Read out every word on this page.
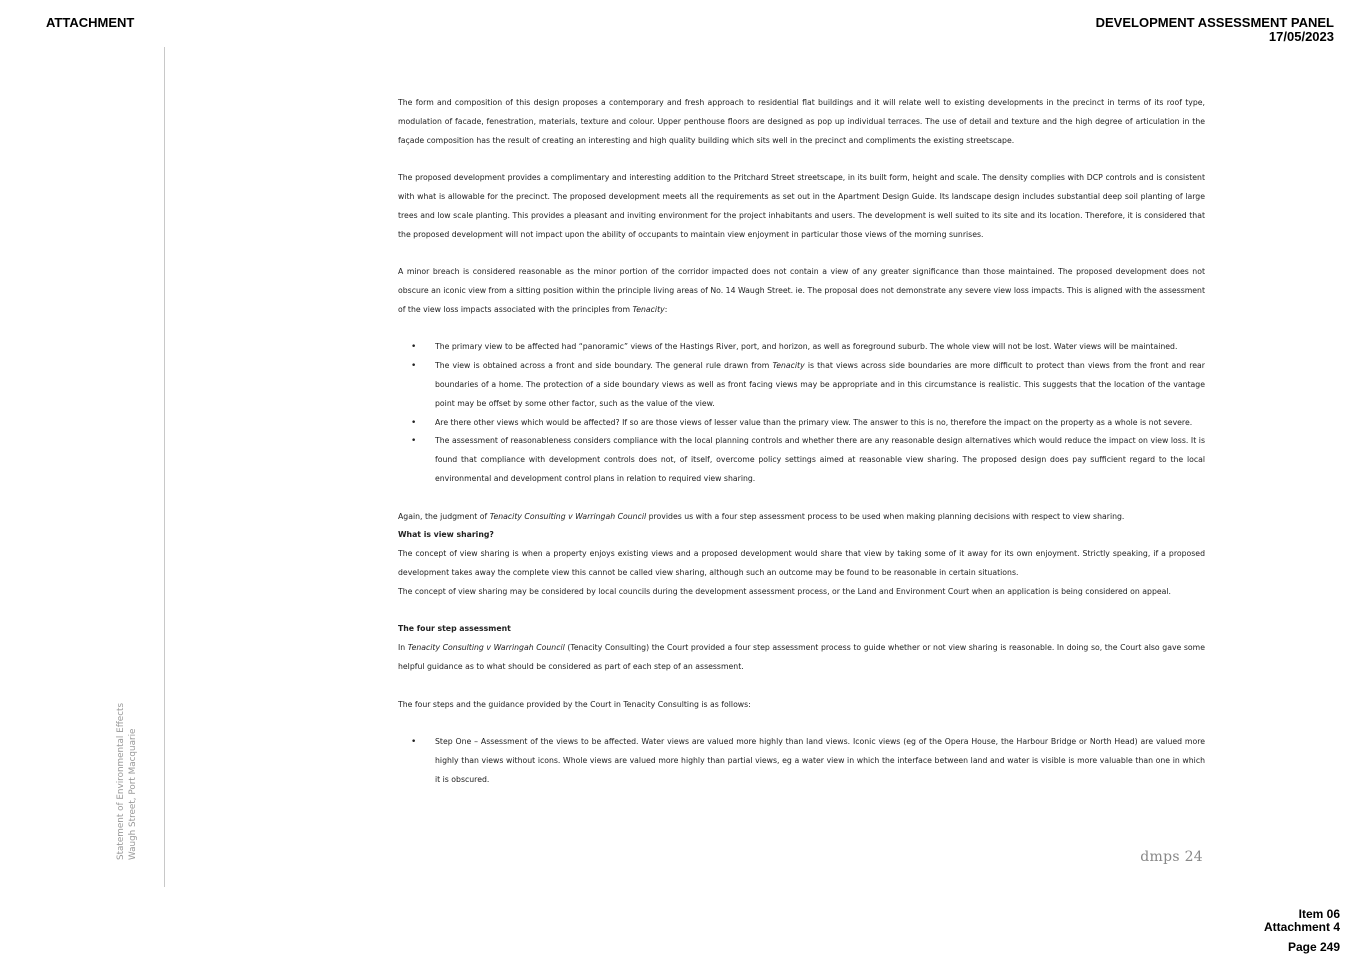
ATTACHMENT	DEVELOPMENT ASSESSMENT PANEL
17/05/2023
Statement of Environmental Effects Waugh Street, Port Macquarie

The form and composition of this design proposes a contemporary and fresh approach to residential flat buildings and it will relate well to existing developments in the precinct in terms of its roof type, modulation of facade, fenestration, materials, texture and colour. Upper penthouse floors are designed as pop up individual terraces. The use of detail and texture and the high degree of articulation in the façade composition has the result of creating an interesting and high quality building which sits well in the precinct and compliments the existing streetscape.

The proposed development provides a complimentary and interesting addition to the Pritchard Street streetscape, in its built form, height and scale. The density complies with DCP controls and is consistent with what is allowable for the precinct. The proposed development meets all the requirements as set out in the Apartment Design Guide. Its landscape design includes substantial deep soil planting of large trees and low scale planting. This provides a pleasant and inviting environment for the project inhabitants and users. The development is well suited to its site and its location. Therefore, it is considered that the proposed development will not impact upon the ability of occupants to maintain view enjoyment in particular those views of the morning sunrises.

A minor breach is considered reasonable as the minor portion of the corridor impacted does not contain a view of any greater significance than those maintained. The proposed development does not obscure an iconic view from a sitting position within the principle living areas of No. 14 Waugh Street. ie. The proposal does not demonstrate any severe view loss impacts. This is aligned with the assessment of the view loss impacts associated with the principles from Tenacity:

• The primary view to be affected had “panoramic” views of the Hastings River, port, and horizon, as well as foreground suburb. The whole view will not be lost. Water views will be maintained.
• The view is obtained across a front and side boundary. The general rule drawn from Tenacity is that views across side boundaries are more difficult to protect than views from the front and rear boundaries of a home. The protection of a side boundary views as well as front facing views may be appropriate and in this circumstance is realistic. This suggests that the location of the vantage point may be offset by some other factor, such as the value of the view.
• Are there other views which would be affected? If so are those views of lesser value than the primary view. The answer to this is no, therefore the impact on the property as a whole is not severe.
• The assessment of reasonableness considers compliance with the local planning controls and whether there are any reasonable design alternatives which would reduce the impact on view loss. It is found that compliance with development controls does not, of itself, overcome policy settings aimed at reasonable view sharing. The proposed design does pay sufficient regard to the local environmental and development control plans in relation to required view sharing.

Again, the judgment of Tenacity Consulting v Warringah Council provides us with a four step assessment process to be used when making planning decisions with respect to view sharing.

What is view sharing?

The concept of view sharing is when a property enjoys existing views and a proposed development would share that view by taking some of it away for its own enjoyment. Strictly speaking, if a proposed development takes away the complete view this cannot be called view sharing, although such an outcome may be found to be reasonable in certain situations.

The concept of view sharing may be considered by local councils during the development assessment process, or the Land and Environment Court when an application is being considered on appeal.

The four step assessment

In Tenacity Consulting v Warringah Council (Tenacity Consulting) the Court provided a four step assessment process to guide whether or not view sharing is reasonable. In doing so, the Court also gave some helpful guidance as to what should be considered as part of each step of an assessment.

The four steps and the guidance provided by the Court in Tenacity Consulting is as follows:

• Step One – Assessment of the views to be affected. Water views are valued more highly than land views. Iconic views (eg of the Opera House, the Harbour Bridge or North Head) are valued more highly than views without icons. Whole views are valued more highly than partial views, eg a water view in which the interface between land and water is visible is more valuable than one in which it is obscured.
dmps 24
Item 06
Attachment 4
Page 249
